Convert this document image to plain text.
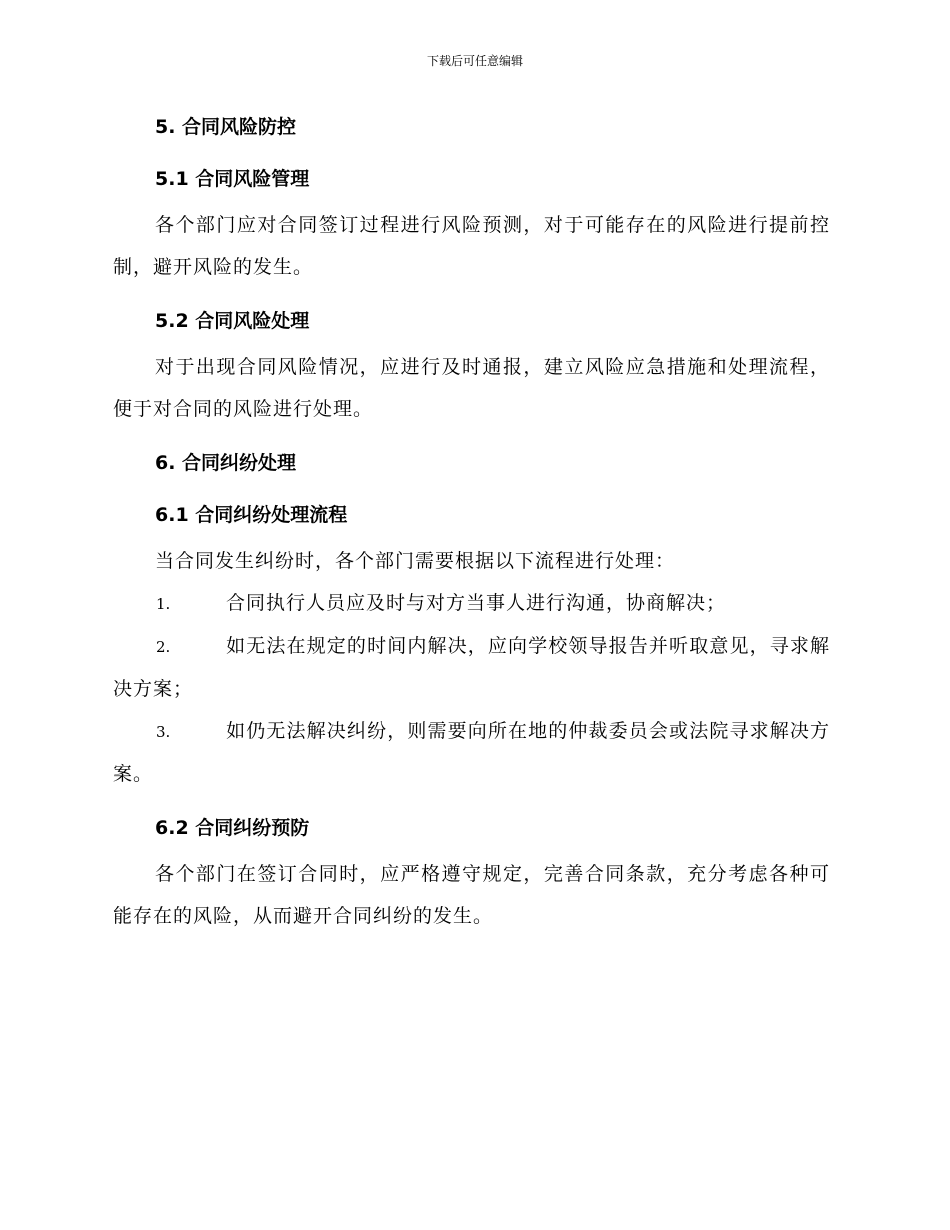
下载后可任意编辑

5. 合同风险防控

5.1 合同风险管理

各个部门应对合同签订过程进行风险预测，对于可能存在的风险进行提前控制，避开风险的发生。

5.2 合同风险处理

对于出现合同风险情况，应进行及时通报，建立风险应急措施和处理流程，便于对合同的风险进行处理。

6. 合同纠纷处理

6.1 合同纠纷处理流程

当合同发生纠纷时，各个部门需要根据以下流程进行处理：

1.	合同执行人员应及时与对方当事人进行沟通，协商解决；

2.	如无法在规定的时间内解决，应向学校领导报告并听取意见，寻求解决方案；

3.	如仍无法解决纠纷，则需要向所在地的仲裁委员会或法院寻求解决方案。

6.2 合同纠纷预防

各个部门在签订合同时，应严格遵守规定，完善合同条款，充分考虑各种可能存在的风险，从而避开合同纠纷的发生。
